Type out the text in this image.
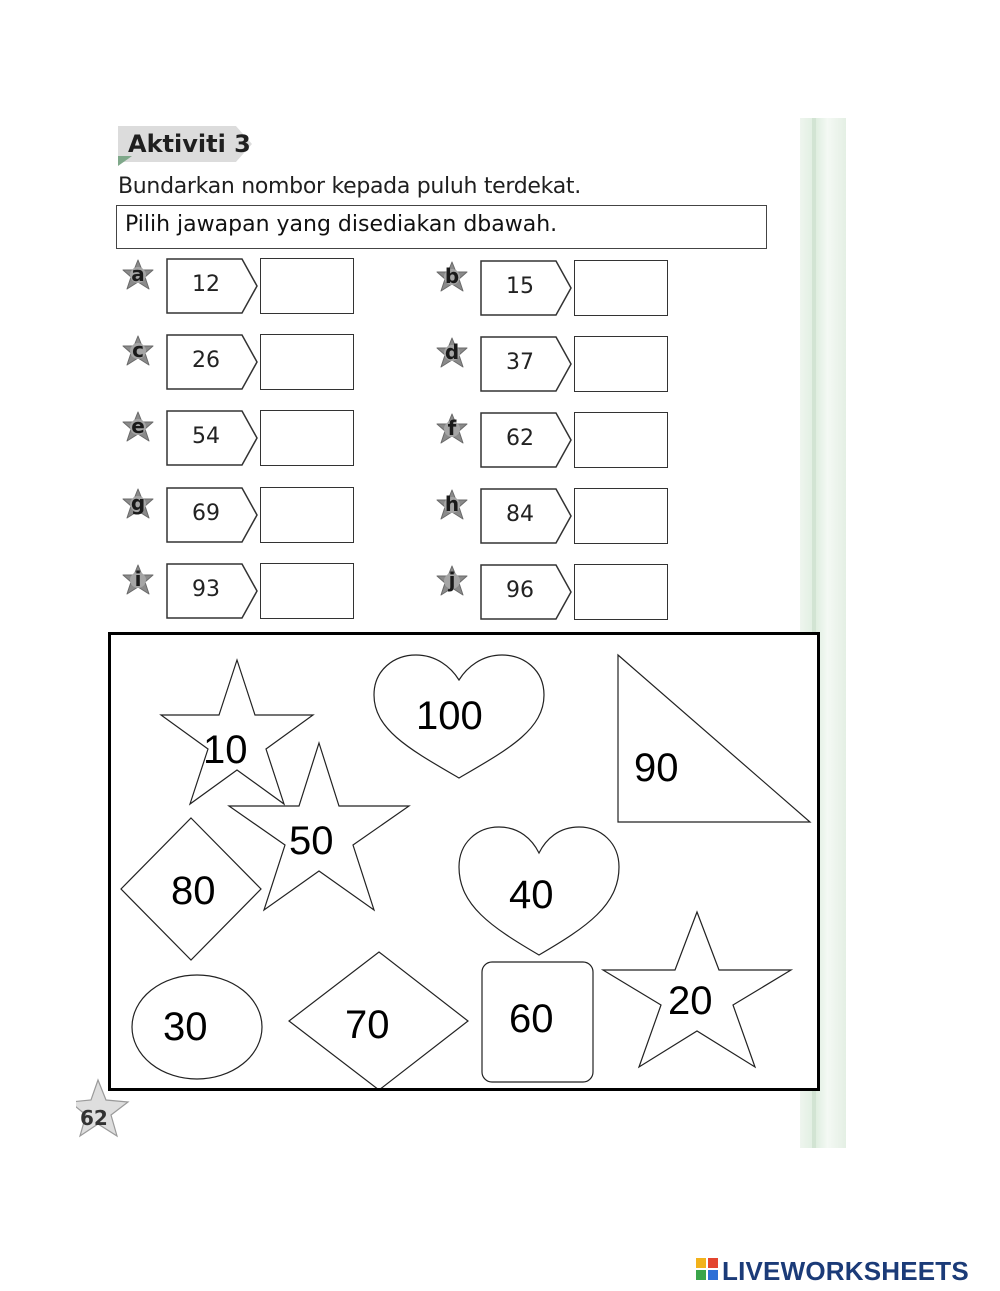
Aktiviti 3
Bundarkan nombor kepada puluh terdekat.
Pilih jawapan yang disediakan dbawah.
a	12	b	15
c	26	d	37
e	54	f	62
g	69	h	84
i	93	j	96
10
100
90
50
80	40
30	70	60	20
62
LIVEWORKSHEETS
